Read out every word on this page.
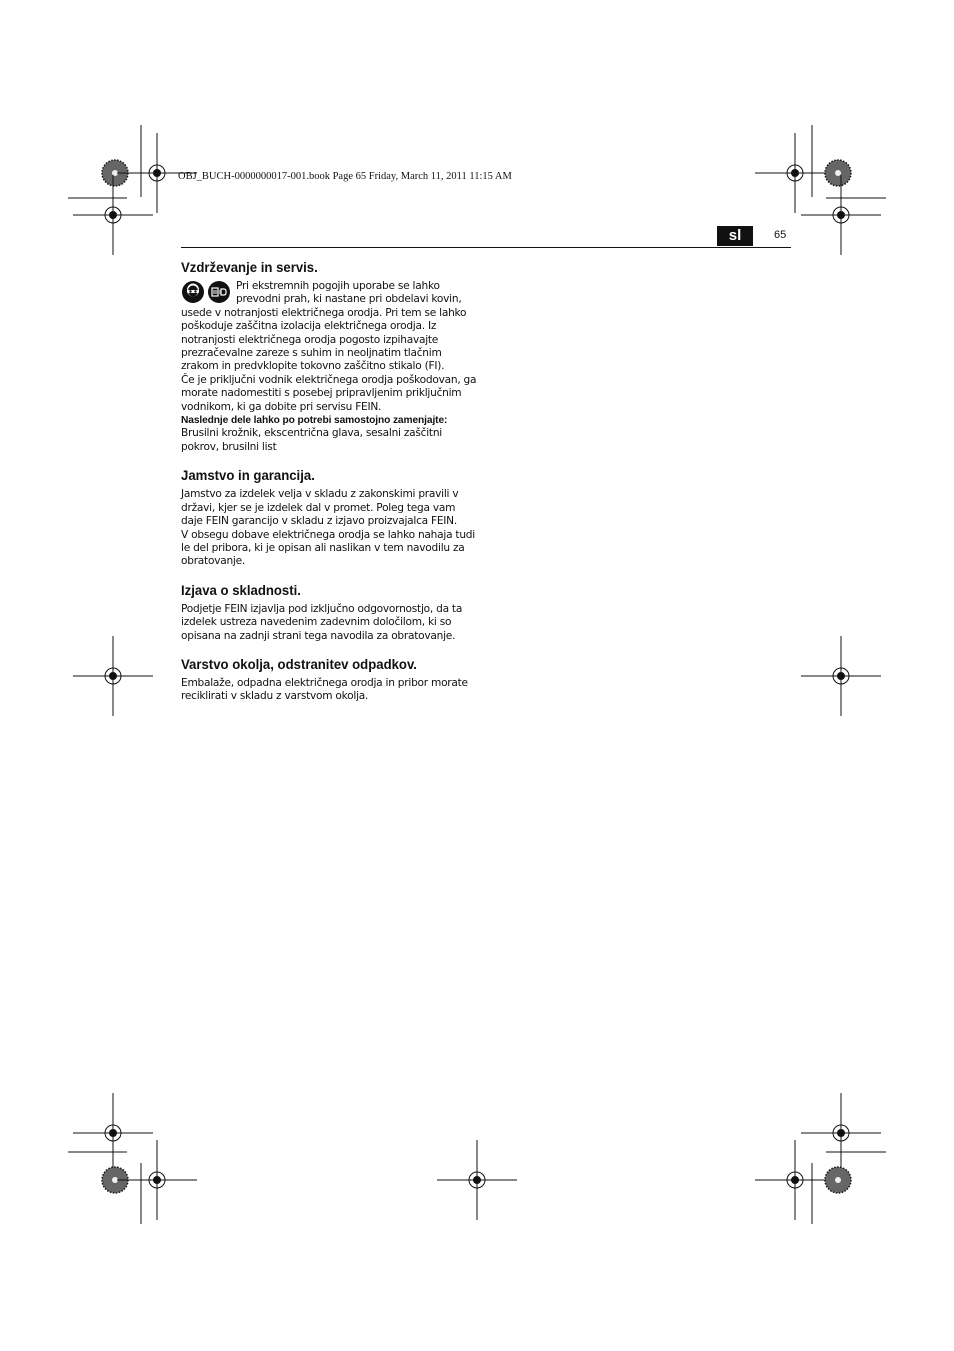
OBJ_BUCH-0000000017-001.book Page 65 Friday, March 11, 2011 11:15 AM
sl	65
Vzdrževanje in servis.

Pri ekstremnih pogojih uporabe se lahko prevodni prah, ki nastane pri obdelavi kovin, usede v notranjosti električnega orodja. Pri tem se lahko poškoduje zaščitna izolacija električnega orodja. Iz notranjosti električnega orodja pogosto izpihavajte prezračevalne zareze s suhim in neoljnatim tlačnim zrakom in predvklopite tokovno zaščitno stikalo (FI).

Če je priključni vodnik električnega orodja poškodovan, ga morate nadomestiti s posebej pripravljenim priključnim vodnikom, ki ga dobite pri servisu FEIN.

Naslednje dele lahko po potrebi samostojno zamenjajte:

Brusilni krožnik, ekscentrična glava, sesalni zaščitni pokrov, brusilni list

Jamstvo in garancija.

Jamstvo za izdelek velja v skladu z zakonskimi pravili v državi, kjer se je izdelek dal v promet. Poleg tega vam daje FEIN garancijo v skladu z izjavo proizvajalca FEIN.

V obsegu dobave električnega orodja se lahko nahaja tudi le del pribora, ki je opisan ali naslikan v tem navodilu za obratovanje.

Izjava o skladnosti.

Podjetje FEIN izjavlja pod izključno odgovornostjo, da ta izdelek ustreza navedenim zadevnim določilom, ki so opisana na zadnji strani tega navodila za obratovanje.

Varstvo okolja, odstranitev odpadkov.

Embalaže, odpadna električnega orodja in pribor morate reciklirati v skladu z varstvom okolja.
